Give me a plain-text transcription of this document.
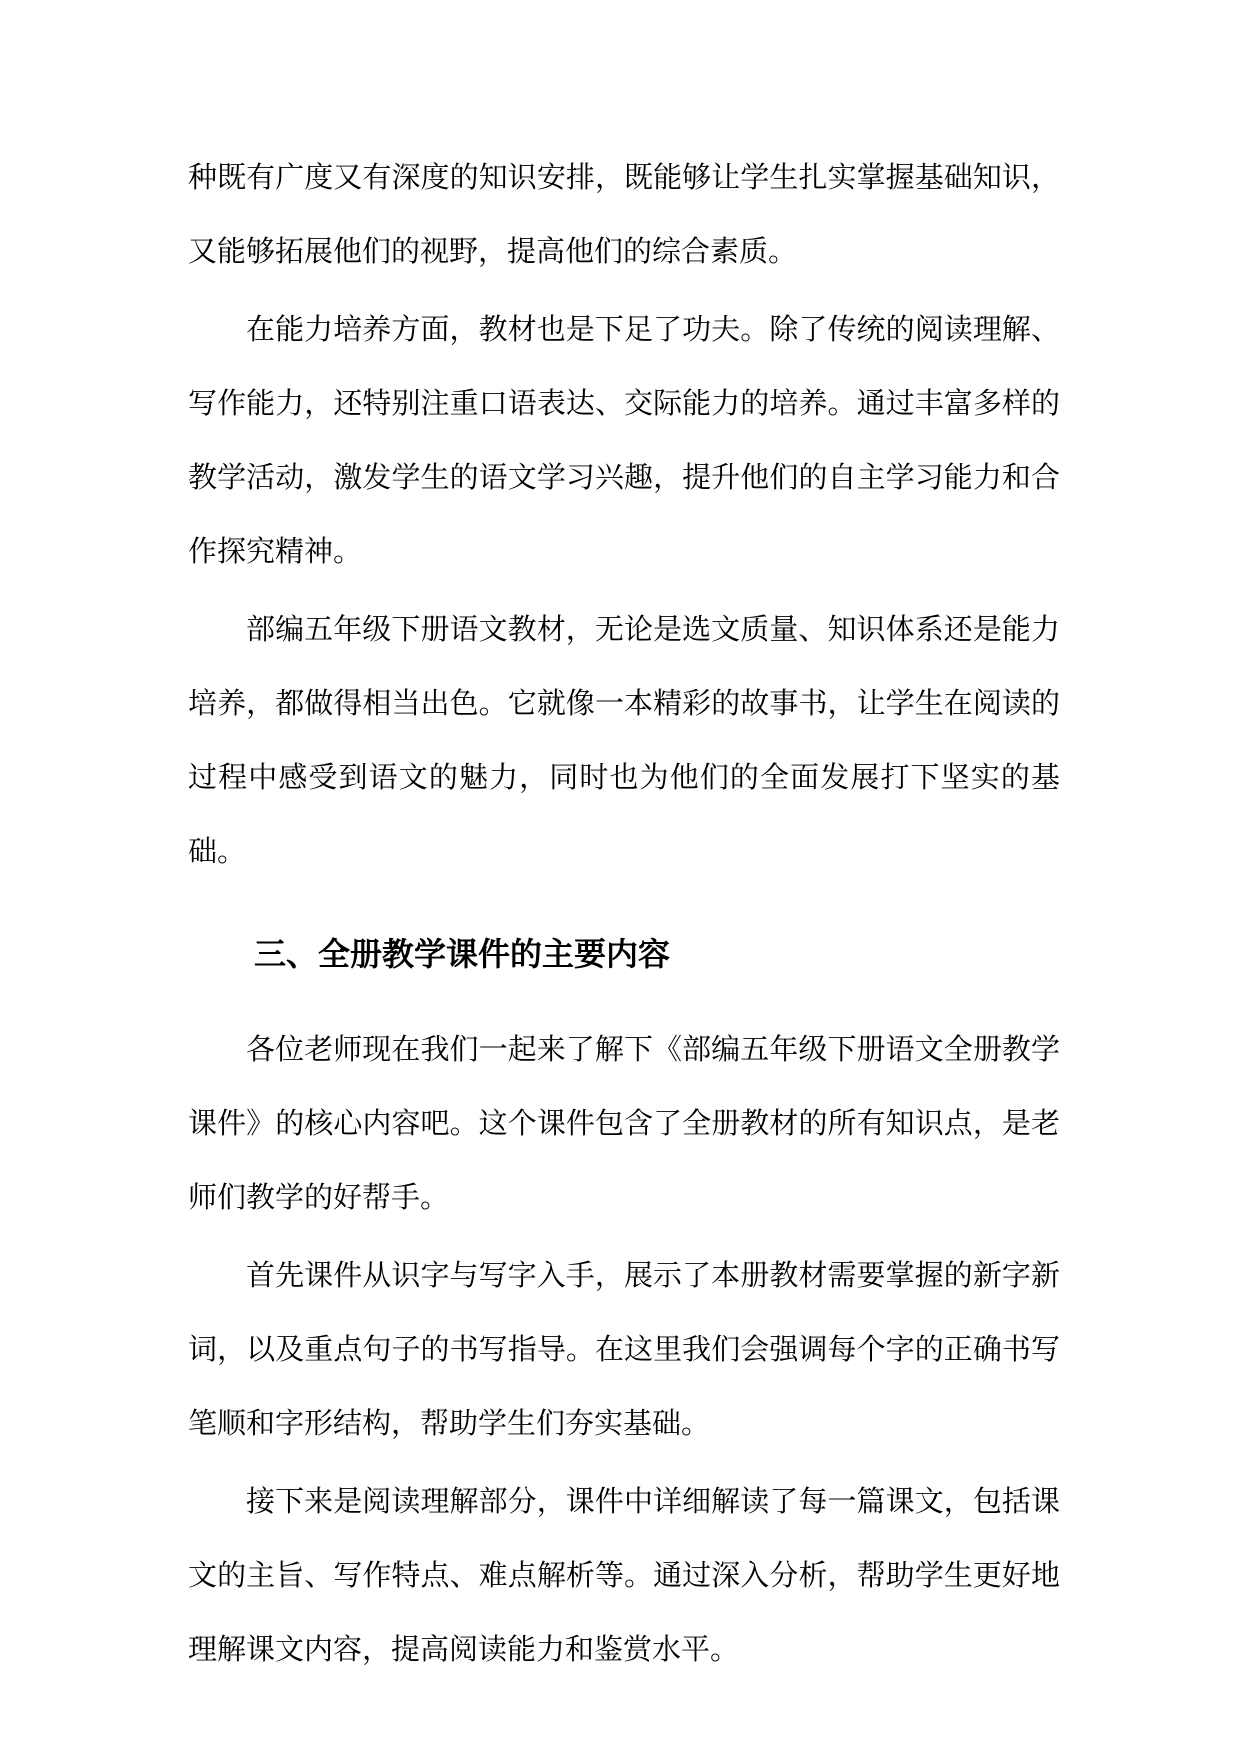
种既有广度又有深度的知识安排，既能够让学生扎实掌握基础知识，又能够拓展他们的视野，提高他们的综合素质。

在能力培养方面，教材也是下足了功夫。除了传统的阅读理解、写作能力，还特别注重口语表达、交际能力的培养。通过丰富多样的教学活动，激发学生的语文学习兴趣，提升他们的自主学习能力和合作探究精神。

部编五年级下册语文教材，无论是选文质量、知识体系还是能力培养，都做得相当出色。它就像一本精彩的故事书，让学生在阅读的过程中感受到语文的魅力，同时也为他们的全面发展打下坚实的基础。

三、全册教学课件的主要内容

各位老师现在我们一起来了解下《部编五年级下册语文全册教学课件》的核心内容吧。这个课件包含了全册教材的所有知识点，是老师们教学的好帮手。

首先课件从识字与写字入手，展示了本册教材需要掌握的新字新词，以及重点句子的书写指导。在这里我们会强调每个字的正确书写笔顺和字形结构，帮助学生们夯实基础。

接下来是阅读理解部分，课件中详细解读了每一篇课文，包括课文的主旨、写作特点、难点解析等。通过深入分析，帮助学生更好地理解课文内容，提高阅读能力和鉴赏水平。
